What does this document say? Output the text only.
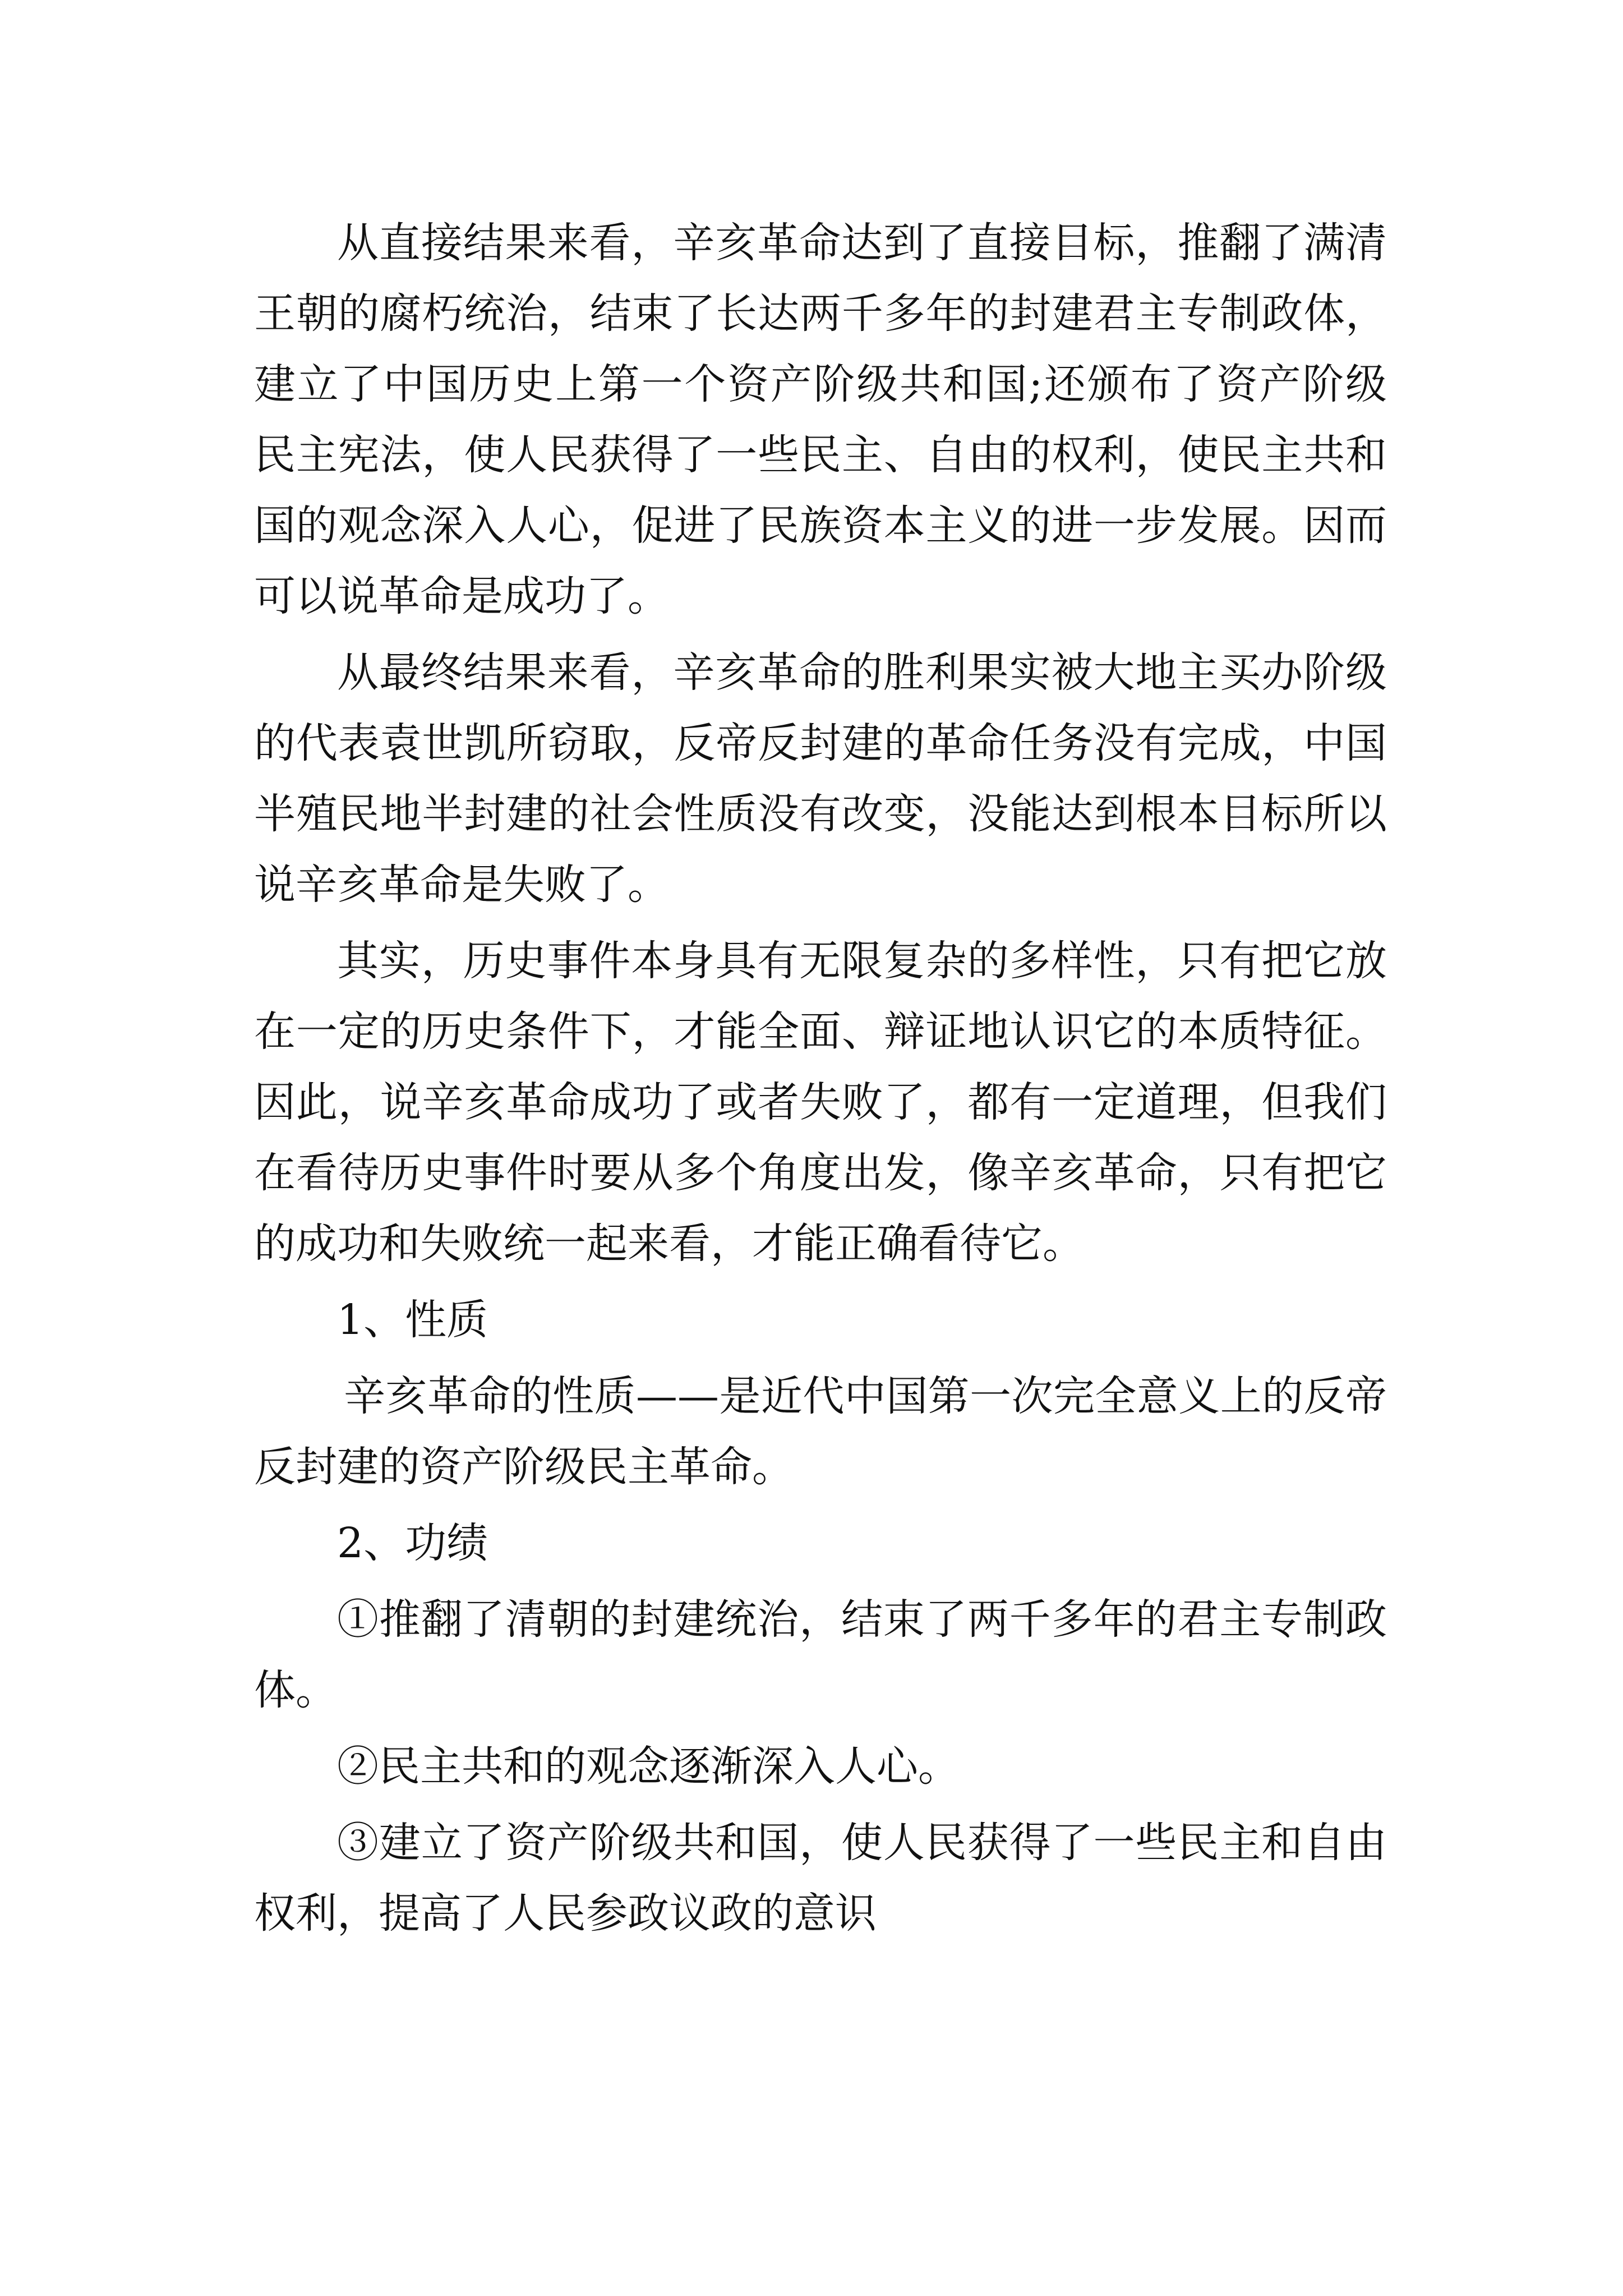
从直接结果来看，辛亥革命达到了直接目标，推翻了满清王朝的腐朽统治，结束了长达两千多年的封建君主专制政体，建立了中国历史上第一个资产阶级共和国;还颁布了资产阶级民主宪法，使人民获得了一些民主、自由的权利，使民主共和国的观念深入人心，促进了民族资本主义的进一步发展。因而可以说革命是成功了。

从最终结果来看，辛亥革命的胜利果实被大地主买办阶级的代表袁世凯所窃取，反帝反封建的革命任务没有完成，中国半殖民地半封建的社会性质没有改变，没能达到根本目标所以说辛亥革命是失败了。

其实，历史事件本身具有无限复杂的多样性，只有把它放在一定的历史条件下，才能全面、辩证地认识它的本质特征。因此，说辛亥革命成功了或者失败了，都有一定道理，但我们在看待历史事件时要从多个角度出发，像辛亥革命，只有把它的成功和失败统一起来看，才能正确看待它。

1、性质

辛亥革命的性质——是近代中国第一次完全意义上的反帝反封建的资产阶级民主革命。

2、功绩

①推翻了清朝的封建统治，结束了两千多年的君主专制政体。

②民主共和的观念逐渐深入人心。

③建立了资产阶级共和国，使人民获得了一些民主和自由权利，提高了人民参政议政的意识
